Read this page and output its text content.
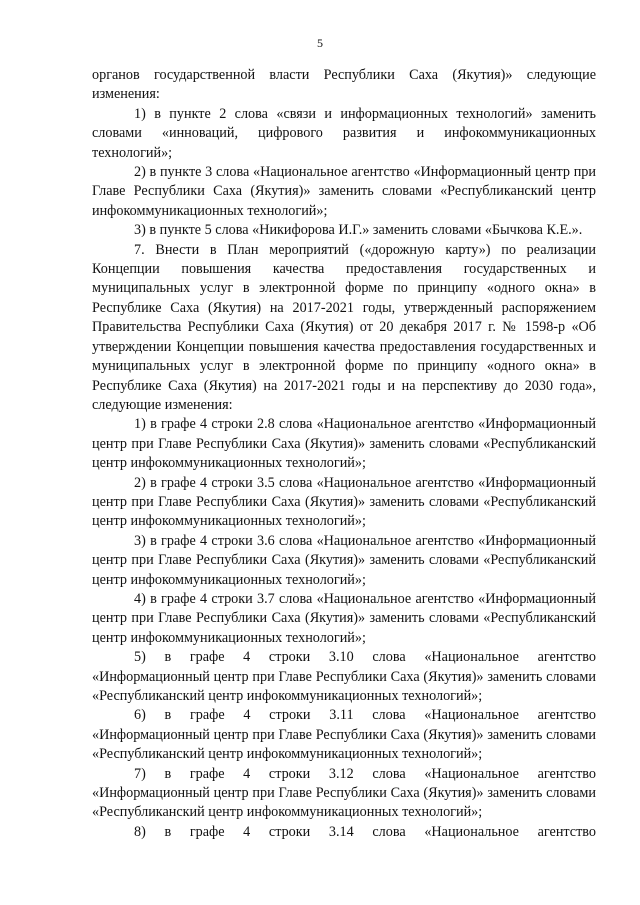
5

органов государственной власти Республики Саха (Якутия)» следующие изменения:

1) в пункте 2 слова «связи и информационных технологий» заменить словами «инноваций, цифрового развития и инфокоммуникационных технологий»;

2) в пункте 3 слова «Национальное агентство «Информационный центр при Главе Республики Саха (Якутия)» заменить словами «Республиканский центр инфокоммуникационных технологий»;

3) в пункте 5 слова «Никифорова И.Г.» заменить словами «Бычкова К.Е.».

7. Внести в План мероприятий («дорожную карту») по реализации Концепции повышения качества предоставления государственных и муниципальных услуг в электронной форме по принципу «одного окна» в Республике Саха (Якутия) на 2017-2021 годы, утвержденный распоряжением Правительства Республики Саха (Якутия) от 20 декабря 2017 г. № 1598-р «Об утверждении Концепции повышения качества предоставления государственных и муниципальных услуг в электронной форме по принципу «одного окна» в Республике Саха (Якутия) на 2017-2021 годы и на перспективу до 2030 года», следующие изменения:

1) в графе 4 строки 2.8 слова «Национальное агентство «Информационный центр при Главе Республики Саха (Якутия)» заменить словами «Республиканский центр инфокоммуникационных технологий»;

2) в графе 4 строки 3.5 слова «Национальное агентство «Информационный центр при Главе Республики Саха (Якутия)» заменить словами «Республиканский центр инфокоммуникационных технологий»;

3) в графе 4 строки 3.6 слова «Национальное агентство «Информационный центр при Главе Республики Саха (Якутия)» заменить словами «Республиканский центр инфокоммуникационных технологий»;

4) в графе 4 строки 3.7 слова «Национальное агентство «Информационный центр при Главе Республики Саха (Якутия)» заменить словами «Республиканский центр инфокоммуникационных технологий»;

5) в графе 4 строки 3.10 слова «Национальное агентство «Информационный центр при Главе Республики Саха (Якутия)» заменить словами «Республиканский центр инфокоммуникационных технологий»;

6) в графе 4 строки 3.11 слова «Национальное агентство «Информационный центр при Главе Республики Саха (Якутия)» заменить словами «Республиканский центр инфокоммуникационных технологий»;

7) в графе 4 строки 3.12 слова «Национальное агентство «Информационный центр при Главе Республики Саха (Якутия)» заменить словами «Республиканский центр инфокоммуникационных технологий»;

8) в графе 4 строки 3.14 слова «Национальное агентство
